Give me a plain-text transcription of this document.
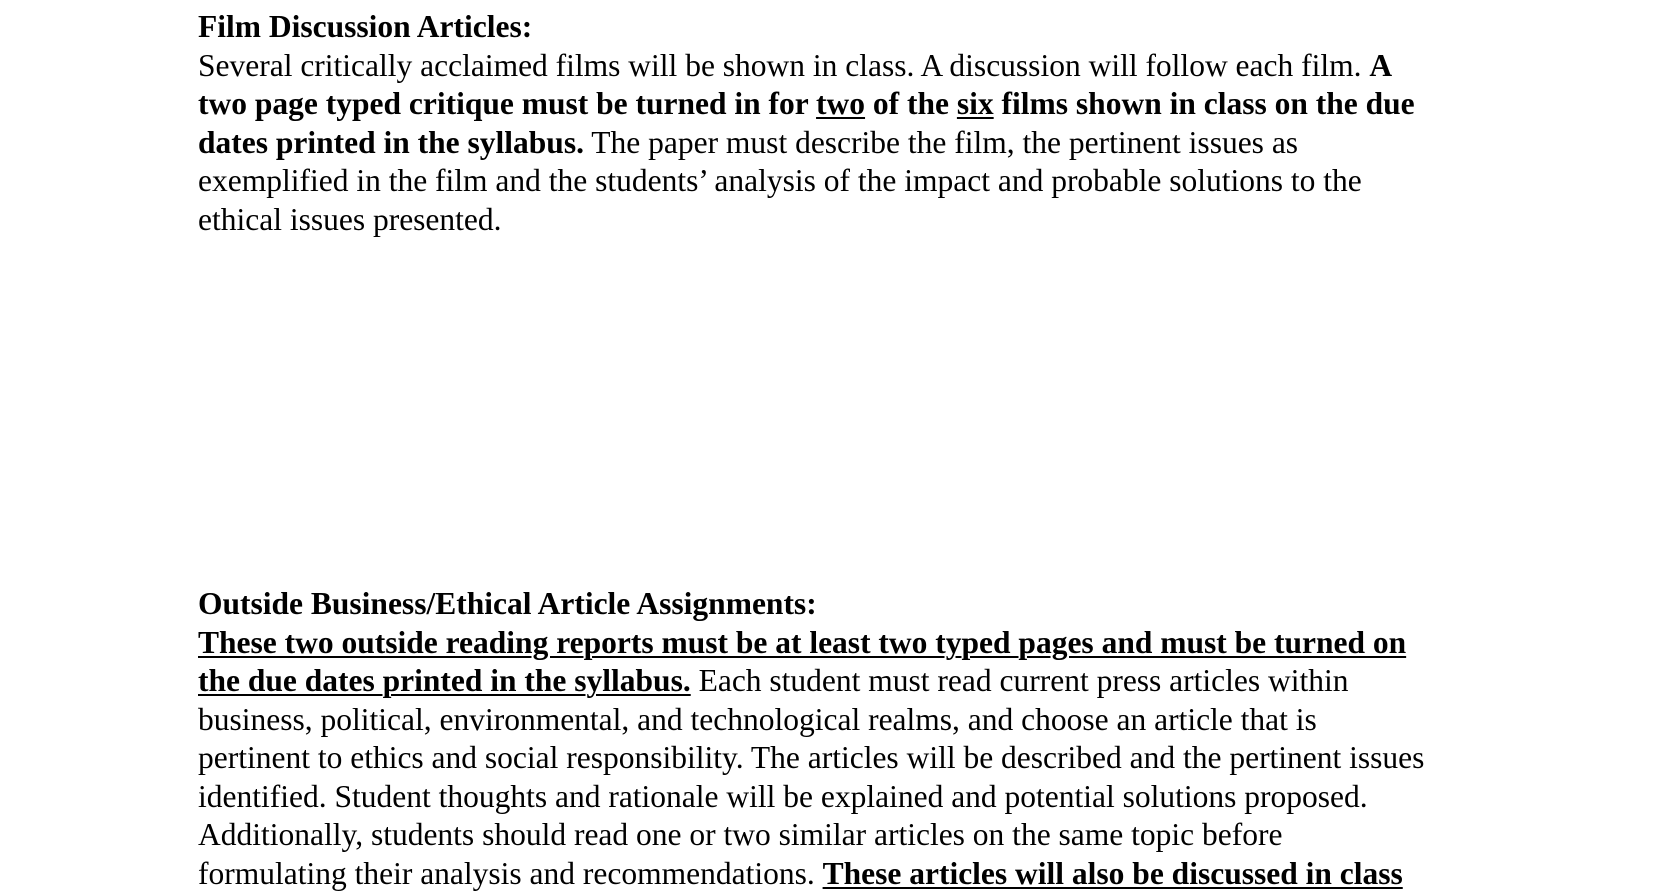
Film Discussion Articles:
Several critically acclaimed films will be shown in class. A discussion will follow each film. A
two page typed critique must be turned in for two of the six films shown in class on the due
dates printed in the syllabus. The paper must describe the film, the pertinent issues as
exemplified in the film and the students’ analysis of the impact and probable solutions to the
ethical issues presented.
Outside Business/Ethical Article Assignments:
These two outside reading reports must be at least two typed pages and must be turned on
the due dates printed in the syllabus. Each student must read current press articles within
business, political, environmental, and technological realms, and choose an article that is
pertinent to ethics and social responsibility. The articles will be described and the pertinent issues
identified. Student thoughts and rationale will be explained and potential solutions proposed.
Additionally, students should read one or two similar articles on the same topic before
formulating their analysis and recommendations. These articles will also be discussed in class
